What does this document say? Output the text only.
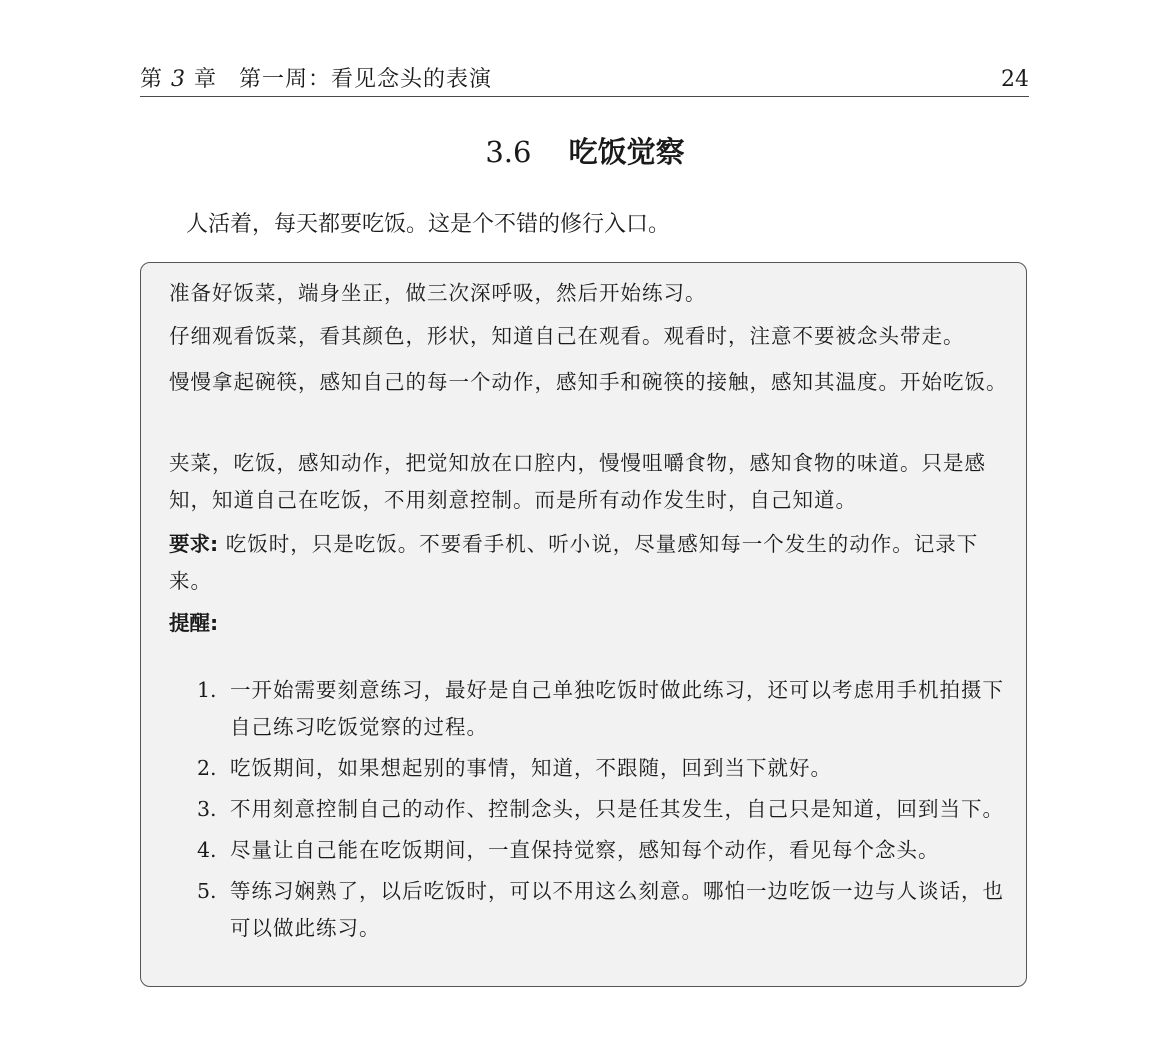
第 3 章 第一周：看见念头的表演	24
3.6 吃饭觉察
人活着，每天都要吃饭。这是个不错的修行入口。

准备好饭菜，端身坐正，做三次深呼吸，然后开始练习。

仔细观看饭菜，看其颜色，形状，知道自己在观看。观看时，注意不要被念头带走。

慢慢拿起碗筷，感知自己的每一个动作，感知手和碗筷的接触，感知其温度。开始吃饭。

夹菜，吃饭，感知动作，把觉知放在口腔内，慢慢咀嚼食物，感知食物的味道。只是感知，知道自己在吃饭，不用刻意控制。而是所有动作发生时，自己知道。

要求: 吃饭时，只是吃饭。不要看手机、听小说，尽量感知每一个发生的动作。记录下来。

提醒:

1. 一开始需要刻意练习，最好是自己单独吃饭时做此练习，还可以考虑用手机拍摄下自己练习吃饭觉察的过程。
2. 吃饭期间，如果想起别的事情，知道，不跟随，回到当下就好。
3. 不用刻意控制自己的动作、控制念头，只是任其发生，自己只是知道，回到当下。
4. 尽量让自己能在吃饭期间，一直保持觉察，感知每个动作，看见每个念头。
5. 等练习娴熟了，以后吃饭时，可以不用这么刻意。哪怕一边吃饭一边与人谈话，也可以做此练习。
